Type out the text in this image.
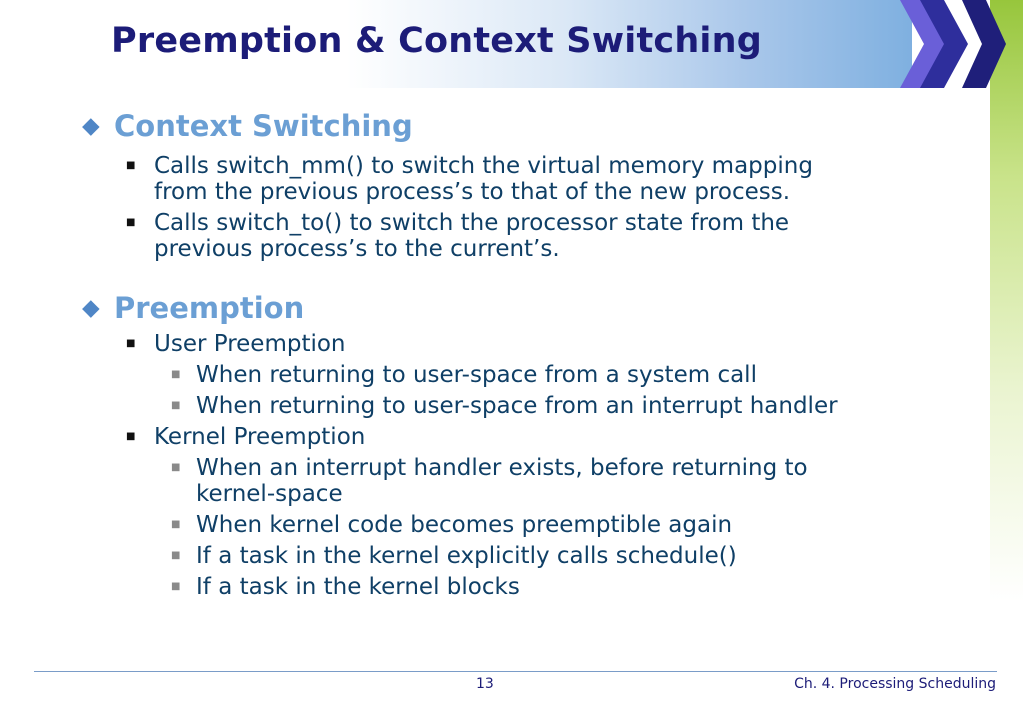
Preemption & Context Switching
◆ Context Switching
■ Calls switch_mm() to switch the virtual memory mapping
from the previous process’s to that of the new process.
■ Calls switch_to() to switch the processor state from the
previous process’s to the current’s.
◆ Preemption
■ User Preemption
■ When returning to user-space from a system call
■ When returning to user-space from an interrupt handler
■ Kernel Preemption
■ When an interrupt handler exists, before returning to
kernel-space
■ When kernel code becomes preemptible again
■ If a task in the kernel explicitly calls schedule()
■ If a task in the kernel blocks
13	Ch. 4. Processing Scheduling
